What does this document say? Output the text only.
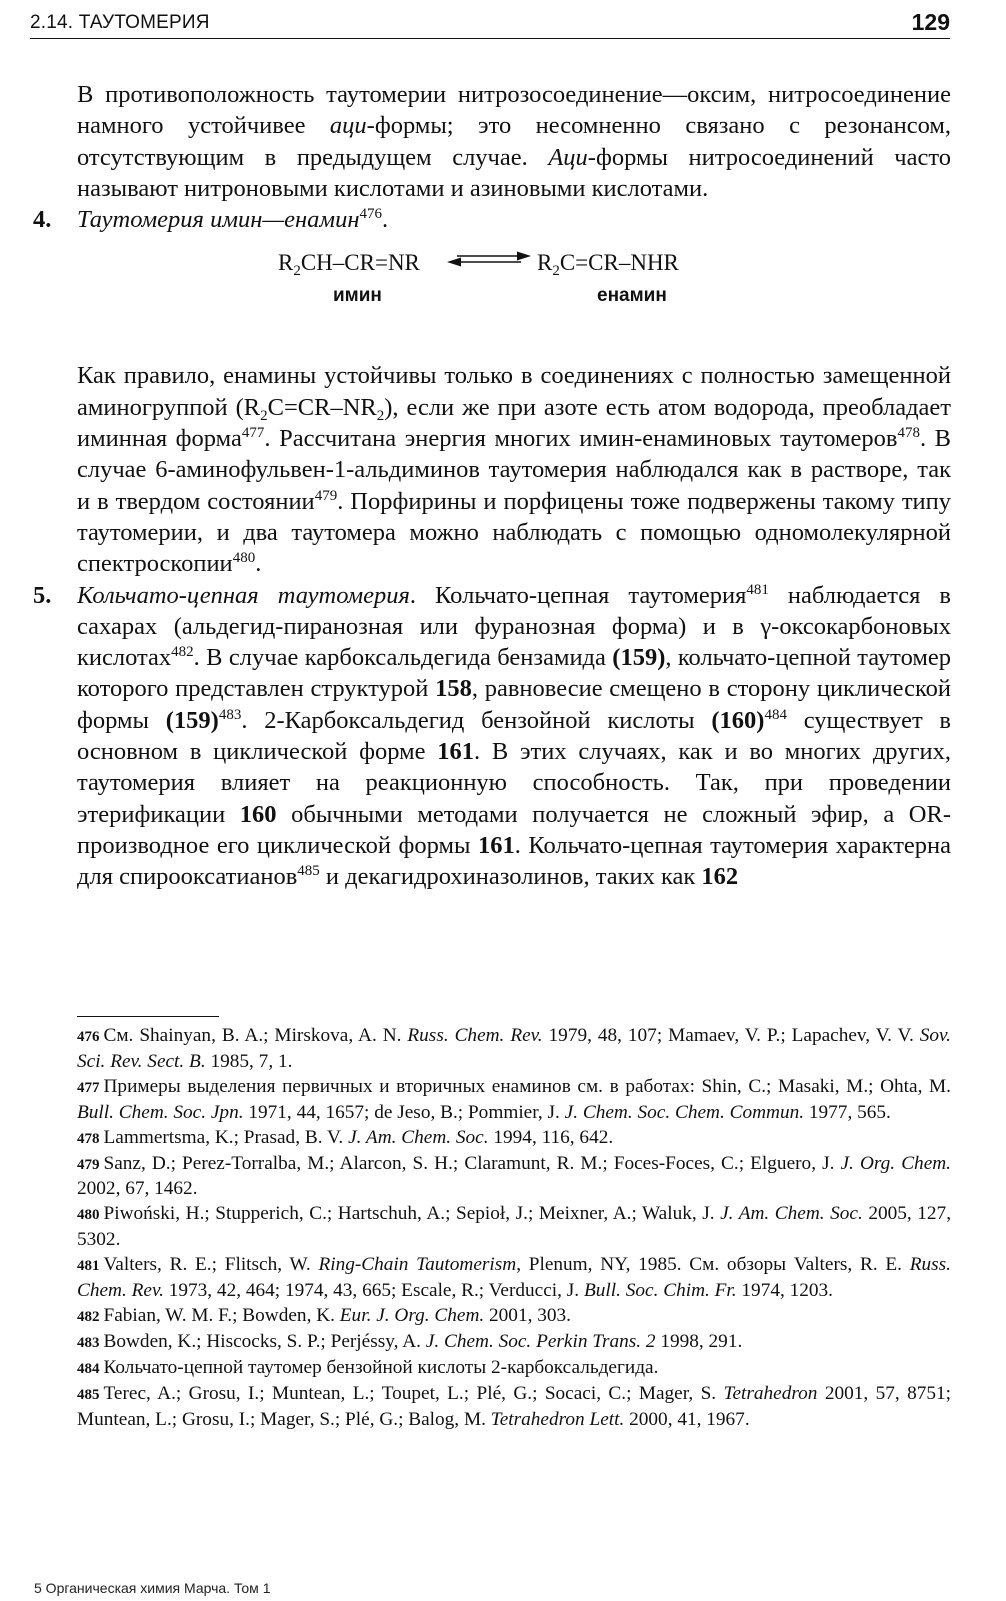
2.14. ТАУТОМЕРИЯ	129

В противоположность таутомерии нитрозосоединение—оксим, нитросоединение намного устойчивее аци-формы; это несомненно связано с резонансом, отсутствующим в предыдущем случае. Аци-формы нитросоединений часто называют нитроновыми кислотами и азиновыми кислотами.

4. Таутомерия имин—енамин$^{476}$.

$R_2CH-CR=NR$ ⇌ $R_2C=CR$–NHR
имин	енамин

Как правило, енамины устойчивы только в соединениях с полностью замещенной аминогруппой $(R_2C=CR-NR_2)$, если же при азоте есть атом водорода, преобладает иминная форма$^{477}$. Рассчитана энергия многих имин-енаминовых таутомеров$^{478}$. В случае 6-аминофульвен-1-альдиминов таутомерия наблюдался как в растворе, так и в твердом состоянии$^{479}$. Порфирины и порфицены тоже подвержены такому типу таутомерии, и два таутомера можно наблюдать с помощью одномолекулярной спектроскопии$^{480}$.

5. Кольчато-цепная таутомерия. Кольчато-цепная таутомерия$^{481}$ наблюдается в сахарах (альдегид-пиранозная или фуранозная форма) и в γ-оксокарбоновых кислотах$^{482}$. В случае карбоксальдегида бензамида (159), кольчато-цепной таутомер которого представлен структурой 158, равновесие смещено в сторону циклической формы $(159)^{483}$. 2-Карбоксальдегид бензойной кислоты $(160)^{484}$ существует в основном в циклической форме 161. В этих случаях, как и во многих других, таутомерия влияет на реакционную способность. Так, при проведении этерификации 160 обычными методами получается не сложный эфир, а OR-производное его циклической формы 161. Кольчато-цепная таутомерия характерна для спирооксатианов$^{485}$ и декагидрохиназолинов, таких как 162

476 См. Shainyan, B. A.; Mirskova, A. N. Russ. Chem. Rev. 1979, 48, 107; Mamaev, V. P.; Lapachev, V. V. Sov. Sci. Rev. Sect. B. 1985, 7, 1.

477 Примеры выделения первичных и вторичных енаминов см. в работах: Shin, C.; Masaki, M.; Ohta, M. Bull. Chem. Soc. Jpn. 1971, 44, 1657; de Jeso, B.; Pommier, J. J. Chem. Soc. Chem. Commun. 1977, 565.

478 Lammertsma, K.; Prasad, B. V. J. Am. Chem. Soc. 1994, 116, 642.

479 Sanz, D.; Perez-Torralba, M.; Alarcon, S. H.; Claramunt, R. M.; Foces-Foces, C.; Elguero, J. J. Org. Chem. 2002, 67, 1462.

480 Piwoński, H.; Stupperich, C.; Hartschuh, A.; Sepioł, J.; Meixner, A.; Waluk, J. J. Am. Chem. Soc. 2005, 127, 5302.

481 Valters, R. E.; Flitsch, W. Ring-Chain Tautomerism, Plenum, NY, 1985. См. обзоры Valters, R. E. Russ. Chem. Rev. 1973, 42, 464; 1974, 43, 665; Escale, R.; Verducci, J. Bull. Soc. Chim. Fr. 1974, 1203.

482 Fabian, W. M. F.; Bowden, K. Eur. J. Org. Chem. 2001, 303.

483 Bowden, K.; Hiscocks, S. P.; Perjéssy, A. J. Chem. Soc. Perkin Trans. 2 1998, 291.

484 Кольчато-цепной таутомер бензойной кислоты 2-карбоксальдегида.

485 Terec, A.; Grosu, I.; Muntean, L.; Toupet, L.; Plé, G.; Socaci, C.; Mager, S. Tetrahedron 2001, 57, 8751; Muntean, L.; Grosu, I.; Mager, S.; Plé, G.; Balog, M. Tetrahedron Lett. 2000, 41, 1967.

5 Органическая химия Марча. Том 1
